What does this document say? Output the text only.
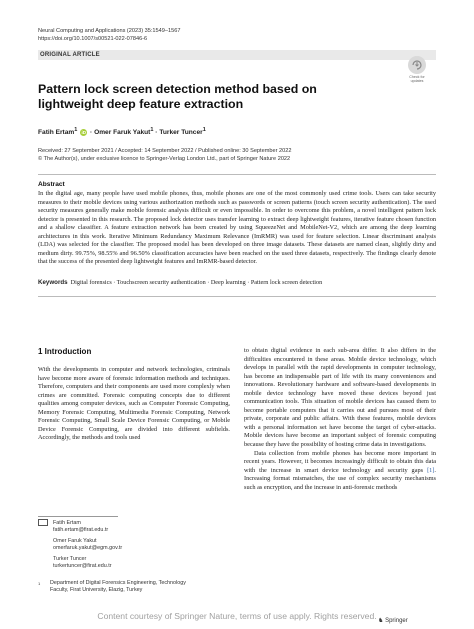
Neural Computing and Applications (2023) 35:1549–1567
https://doi.org/10.1007/s00521-022-07846-6
ORIGINAL ARTICLE
Check for
updates
Pattern lock screen detection method based on lightweight deep feature extraction
Fatih Ertam$^1$ iD · Omer Faruk Yakut$^1$ · Turker Tuncer$^1$
Received: 27 September 2021 / Accepted: 14 September 2022 / Published online: 30 September 2022
© The Author(s), under exclusive licence to Springer-Verlag London Ltd., part of Springer Nature 2022
Abstract
In the digital age, many people have used mobile phones, thus, mobile phones are one of the most commonly used crime tools. Users can take security measures to their mobile devices using various authorization methods such as passwords or screen patterns (touch screen security authentication). The used security measures generally make mobile forensic analysis difficult or even impossible. In order to overcome this problem, a novel intelligent pattern lock detector is presented in this research. The proposed lock detector uses transfer learning to extract deep lightweight features, iterative feature chosen function and a shallow classifier. A feature extraction network has been created by using SqueezeNet and MobileNet-V2, which are among the deep learning architectures in this work. Iterative Minimum Redundancy Maximum Relevance (ImRMR) was used for feature selection. Linear discriminant analysis (LDA) was selected for the classifier. The proposed model has been developed on three image datasets. These datasets are named clean, slightly dirty and medium dirty. 99.75%, 98.55% and 96.50% classification accuracies have been reached on the used three datasets, respectively. The findings clearly denote that the success of the presented deep lightweight features and ImRMR-based detector.
Keywords Digital forensics · Touchscreen security authentication · Deep learning · Pattern lock screen detection
1 Introduction
With the developments in computer and network technologies, criminals have become more aware of forensic information methods and techniques. Therefore, computers and their components are used more complexly when crimes are committed. Forensic computing concepts due to different qualities among computer devices, such as Computer Forensic Computing, Memory Forensic Computing, Multimedia Forensic Computing, Network Forensic Computing, Small Scale Device Forensic Computing, or Mobile Device Forensic Computing, are divided into different subfields. Accordingly, the methods and tools used
to obtain digital evidence in each sub-area differ. It also differs in the difficulties encountered in these areas. Mobile device technology, which develops in parallel with the rapid developments in computer technology, has become an indispensable part of life with its many conveniences and innovations. Revolutionary hardware and software-based developments in mobile device technology have moved these devices beyond just communication tools. This situation of mobile devices has caused them to become portable computers that it carries out and pursues most of their private, corporate and public affairs. With these features, mobile devices with a personal information set have become the target of cyber-attacks. Mobile devices have become an important subject of forensic computing because they have the possibility of hosting crime data in investigations.
Data collection from mobile phones has become more important in recent years. However, it becomes increasingly difficult to obtain this data with the increase in smart device technology and security gaps [1]. Increasing format mismatches, the use of complex security mechanisms such as encryption, and the increase in anti-forensic methods
Fatih Ertam
fatih.ertam@firat.edu.tr
Omer Faruk Yakut
omerfaruk.yakut@egm.gov.tr
Turker Tuncer
turkertuncer@firat.edu.tr
1 Department of Digital Forensics Engineering, Technology
Faculty, Firat University, Elazig, Turkey
♞ Springer
Content courtesy of Springer Nature, terms of use apply. Rights reserved.
